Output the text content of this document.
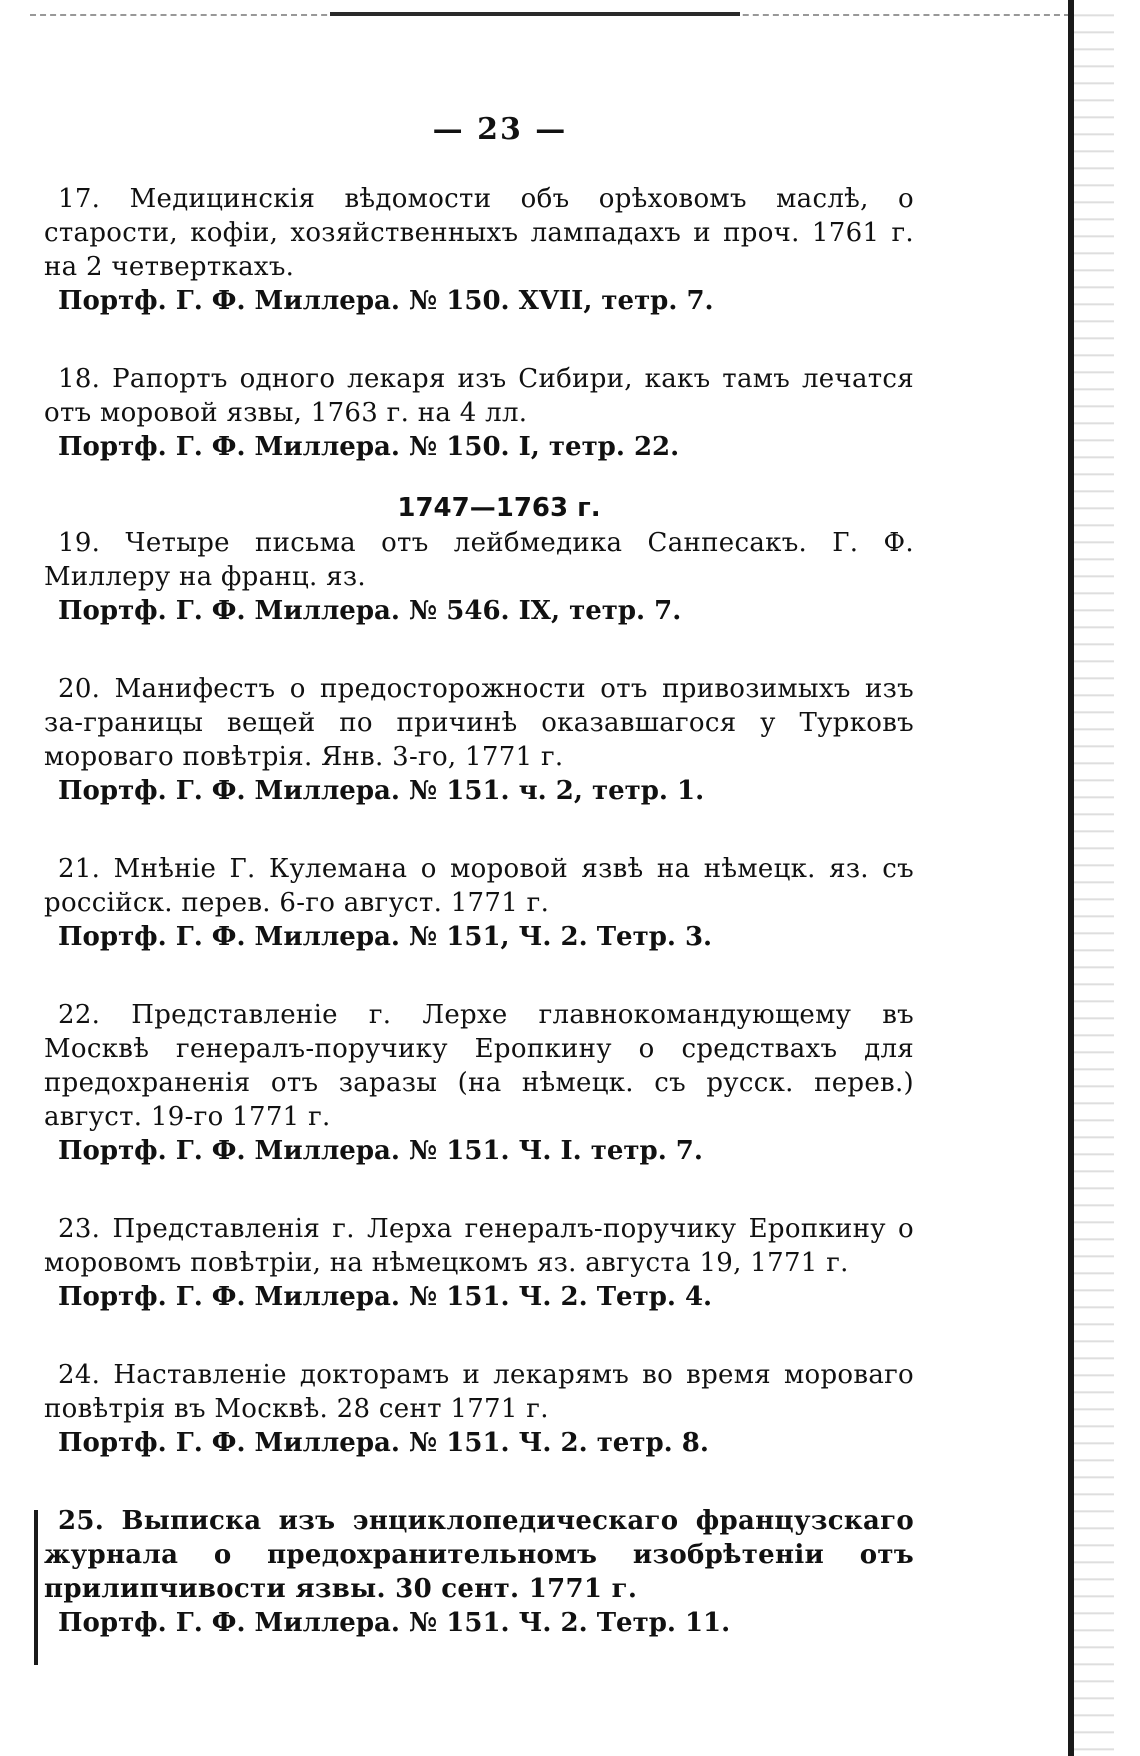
— 23 —
17. Медицинскія вѣдомости объ орѣховомъ маслѣ, о старости, кофіи, хозяйственныхъ лампадахъ и проч. 1761 г. на 2 четверткахъ.
Портф. Г. Ф. Миллера. № 150. XVII, тетр. 7.
18. Рапортъ одного лекаря изъ Сибири, какъ тамъ лечатся отъ моровой язвы, 1763 г. на 4 лл.
Портф. Г. Ф. Миллера. № 150. I, тетр. 22.
1747—1763 г.
19. Четыре письма отъ лейбмедика Санпесакъ. Г. Ф. Миллеру на франц. яз.
Портф. Г. Ф. Миллера. № 546. IX, тетр. 7.
20. Манифестъ о предосторожности отъ привозимыхъ изъ за-границы вещей по причинѣ оказавшагося у Турковъ мороваго повѣтрія. Янв. 3-го, 1771 г.
Портф. Г. Ф. Миллера. № 151. ч. 2, тетр. 1.
21. Мнѣніе Г. Кулемана о моровой язвѣ на нѣмецк. яз. съ россійск. перев. 6-го август. 1771 г.
Портф. Г. Ф. Миллера. № 151, Ч. 2. Тетр. 3.
22. Представленіе г. Лерхе главнокомандующему въ Москвѣ генералъ-поручику Еропкину о средствахъ для предохраненія отъ заразы (на нѣмецк. съ русск. перев.) август. 19-го 1771 г.
Портф. Г. Ф. Миллера. № 151. Ч. I. тетр. 7.
23. Представленія г. Лерха генералъ-поручику Еропкину о моровомъ повѣтріи, на нѣмецкомъ яз. августа 19, 1771 г.
Портф. Г. Ф. Миллера. № 151. Ч. 2. Тетр. 4.
24. Наставленіе докторамъ и лекарямъ во время мороваго повѣтрія въ Москвѣ. 28 сент 1771 г.
Портф. Г. Ф. Миллера. № 151. Ч. 2. тетр. 8.
25. Выписка изъ энциклопедическаго французскаго журнала о предохранительномъ изобрѣтеніи отъ прилипчивости язвы. 30 сент. 1771 г.
Портф. Г. Ф. Миллера. № 151. Ч. 2. Тетр. 11.
